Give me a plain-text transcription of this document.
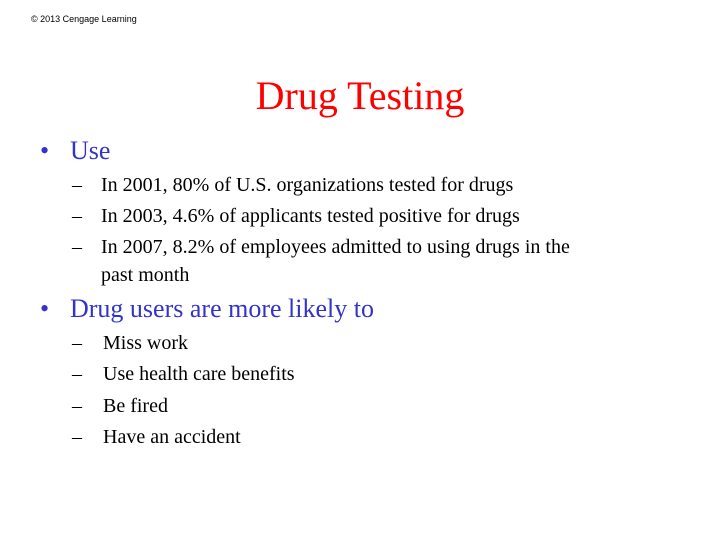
© 2013 Cengage Learning
Drug Testing
• Use
– In 2001, 80% of U.S. organizations tested for drugs
– In 2003, 4.6% of applicants tested positive for drugs
– In 2007, 8.2% of employees admitted to using drugs in the
past month
• Drug users are more likely to
– Miss work
– Use health care benefits
– Be fired
– Have an accident
